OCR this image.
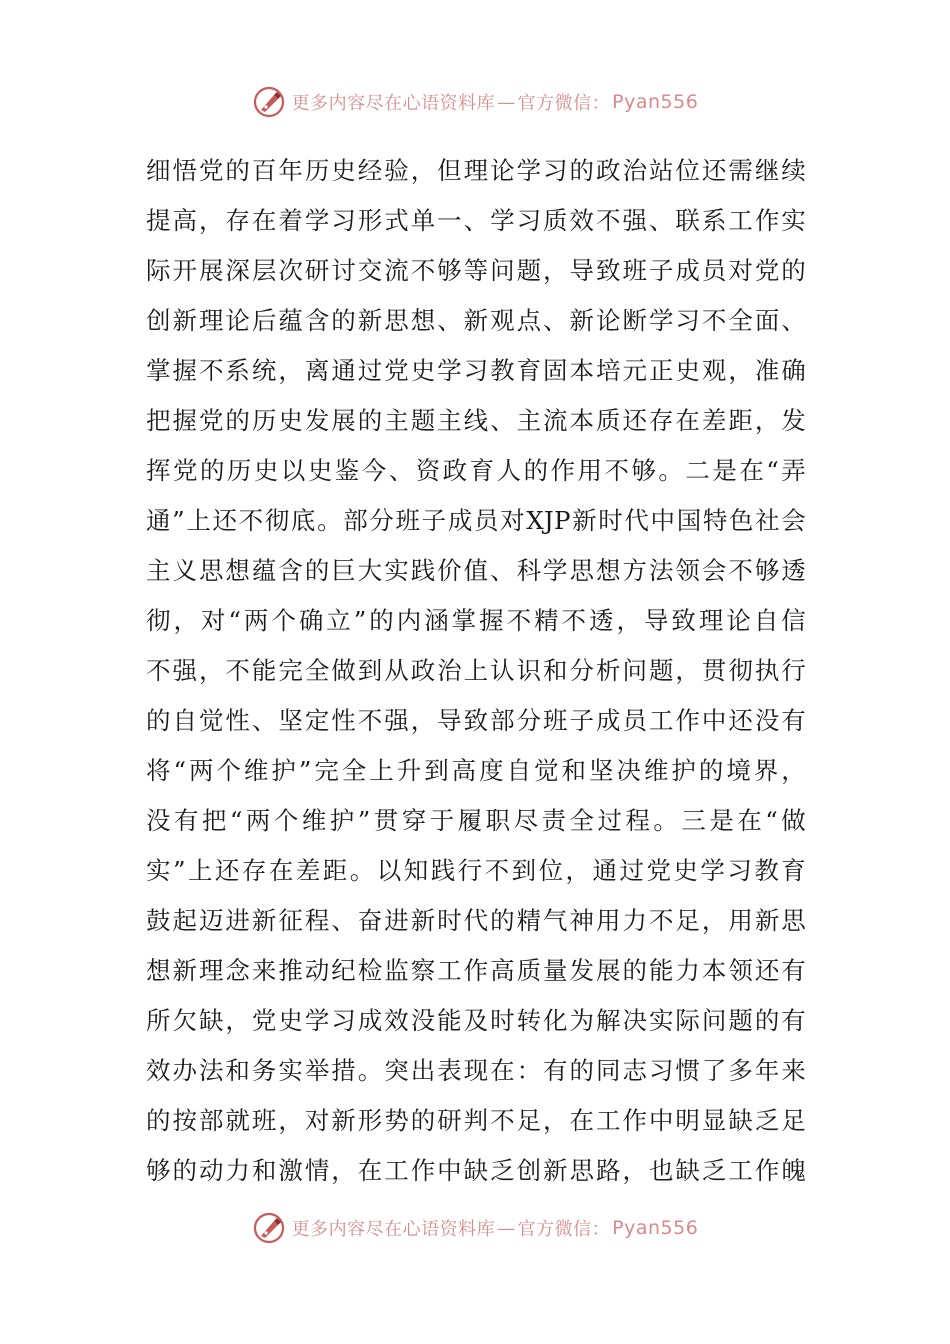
更多内容尽在心语资料库 — 官方微信： Pyan556
细悟党的百年历史经验，但理论学习的政治站位还需继续
提高，存在着学习形式单一、学习质效不强、联系工作实
际开展深层次研讨交流不够等问题，导致班子成员对党的
创新理论后蕴含的新思想、新观点、新论断学习不全面、
掌握不系统，离通过党史学习教育固本培元正史观，准确
把握党的历史发展的主题主线、主流本质还存在差距，发
挥党的历史以史鉴今、资政育人的作用不够。二是在“弄
通”上还不彻底。部分班子成员对XJP新时代中国特色社会
主义思想蕴含的巨大实践价值、科学思想方法领会不够透
彻，对“两个确立”的内涵掌握不精不透，导致理论自信
不强，不能完全做到从政治上认识和分析问题，贯彻执行
的自觉性、坚定性不强，导致部分班子成员工作中还没有
将“两个维护”完全上升到高度自觉和坚决维护的境界，
没有把“两个维护”贯穿于履职尽责全过程。三是在“做
实”上还存在差距。以知践行不到位，通过党史学习教育
鼓起迈进新征程、奋进新时代的精气神用力不足，用新思
想新理念来推动纪检监察工作高质量发展的能力本领还有
所欠缺，党史学习成效没能及时转化为解决实际问题的有
效办法和务实举措。突出表现在：有的同志习惯了多年来
的按部就班，对新形势的研判不足，在工作中明显缺乏足
够的动力和激情，在工作中缺乏创新思路，也缺乏工作魄
更多内容尽在心语资料库 — 官方微信： Pyan556
